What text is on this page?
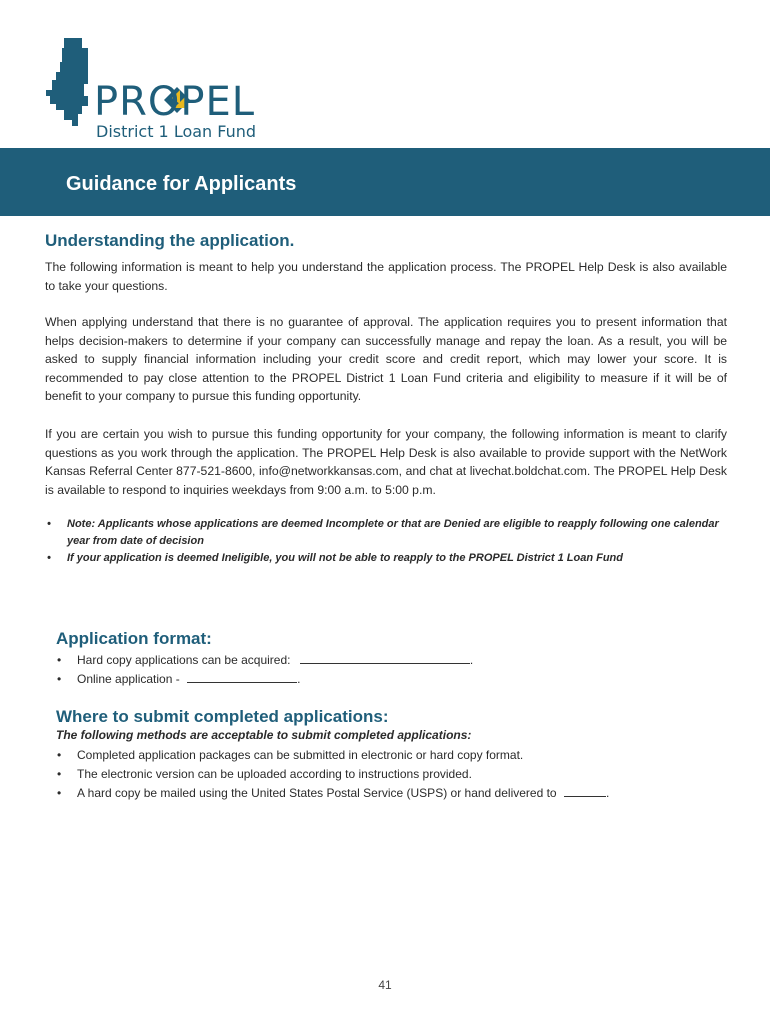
PROPEL
District 1 Loan Fund
Guidance for Applicants
Understanding the application.

The following information is meant to help you understand the application process. The PROPEL Help Desk is also available to take your questions.

When applying understand that there is no guarantee of approval. The application requires you to present information that helps decision-makers to determine if your company can successfully manage and repay the loan. As a result, you will be asked to supply financial information including your credit score and credit report, which may lower your score. It is recommended to pay close attention to the PROPEL District 1 Loan Fund criteria and eligibility to measure if it will be of benefit to your company to pursue this funding opportunity.

If you are certain you wish to pursue this funding opportunity for your company, the following information is meant to clarify questions as you work through the application. The PROPEL Help Desk is also available to provide support with the NetWork Kansas Referral Center 877-521-8600, info@networkkansas.com, and chat at livechat.boldchat.com. The PROPEL Help Desk is available to respond to inquiries weekdays from 9:00 a.m. to 5:00 p.m.

• Note: Applicants whose applications are deemed Incomplete or that are Denied are eligible to reapply following one calendar year from date of decision
• If your application is deemed Ineligible, you will not be able to reapply to the PROPEL District 1 Loan Fund
Application format:
• Hard copy applications can be acquired:	.
• Online application -	.
Where to submit completed applications:

The following methods are acceptable to submit completed applications:

• Completed application packages can be submitted in electronic or hard copy format.
• The electronic version can be uploaded according to instructions provided.
• A hard copy be mailed using the United States Postal Service (USPS) or hand delivered to	.
41
